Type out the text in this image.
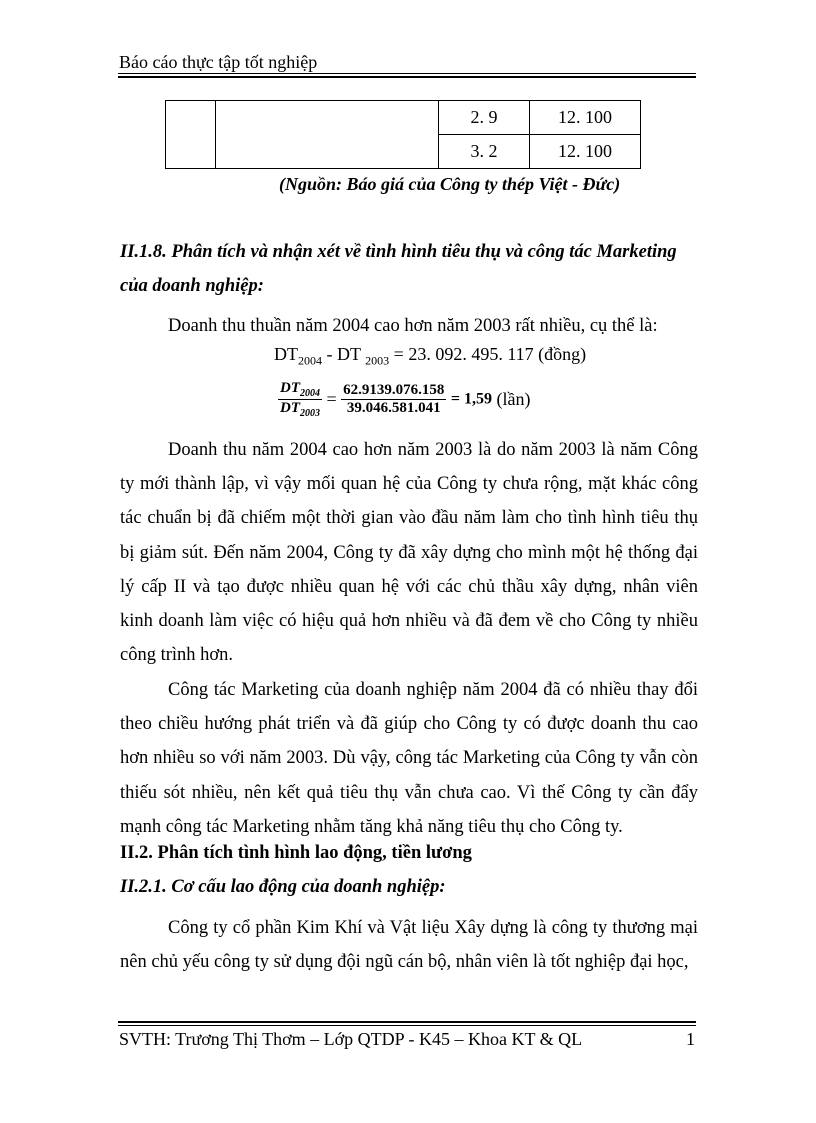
Báo cáo thực tập tốt nghiệp
		2. 9	12. 100
		3. 2	12. 100
(Nguồn: Báo giá của Công ty thép Việt - Đức)
II.1.8. Phân tích và nhận xét về tình hình tiêu thụ và công tác Marketing
của doanh nghiệp:
Doanh thu thuần năm 2004 cao hơn năm 2003 rất nhiều, cụ thể là:
$DT_{2004}$ - DT $_{2003}$ = 23. 092. 495. 117 (đồng)
$\frac{DT_{2004}}{DT_{2003}} = \frac{62.9139.076.158}{39.046.581.041} = 1,59$ (lần)
Doanh thu năm 2004 cao hơn năm 2003 là do năm 2003 là năm Công ty mới thành lập, vì vậy mối quan hệ của Công ty chưa rộng, mặt khác công tác chuẩn bị đã chiếm một thời gian vào đầu năm làm cho tình hình tiêu thụ bị giảm sút. Đến năm 2004, Công ty đã xây dựng cho mình một hệ thống đại lý cấp II và tạo được nhiều quan hệ với các chủ thầu xây dựng, nhân viên kinh doanh làm việc có hiệu quả hơn nhiều và đã đem về cho Công ty nhiều công trình hơn.
Công tác Marketing của doanh nghiệp năm 2004 đã có nhiều thay đổi theo chiều hướng phát triển và đã giúp cho Công ty có được doanh thu cao hơn nhiều so với năm 2003. Dù vậy, công tác Marketing của Công ty vẫn còn thiếu sót nhiều, nên kết quả tiêu thụ vẫn chưa cao. Vì thế Công ty cần đẩy mạnh công tác Marketing nhằm tăng khả năng tiêu thụ cho Công ty.
II.2. Phân tích tình hình lao động, tiền lương
II.2.1. Cơ cấu lao động của doanh nghiệp:
Công ty cổ phần Kim Khí và Vật liệu Xây dựng là công ty thương mại nên chủ yếu công ty sử dụng đội ngũ cán bộ, nhân viên là tốt nghiệp đại học,
SVTH: Trương Thị Thơm – Lớp QTDP - K45 – Khoa KT & QL	1
